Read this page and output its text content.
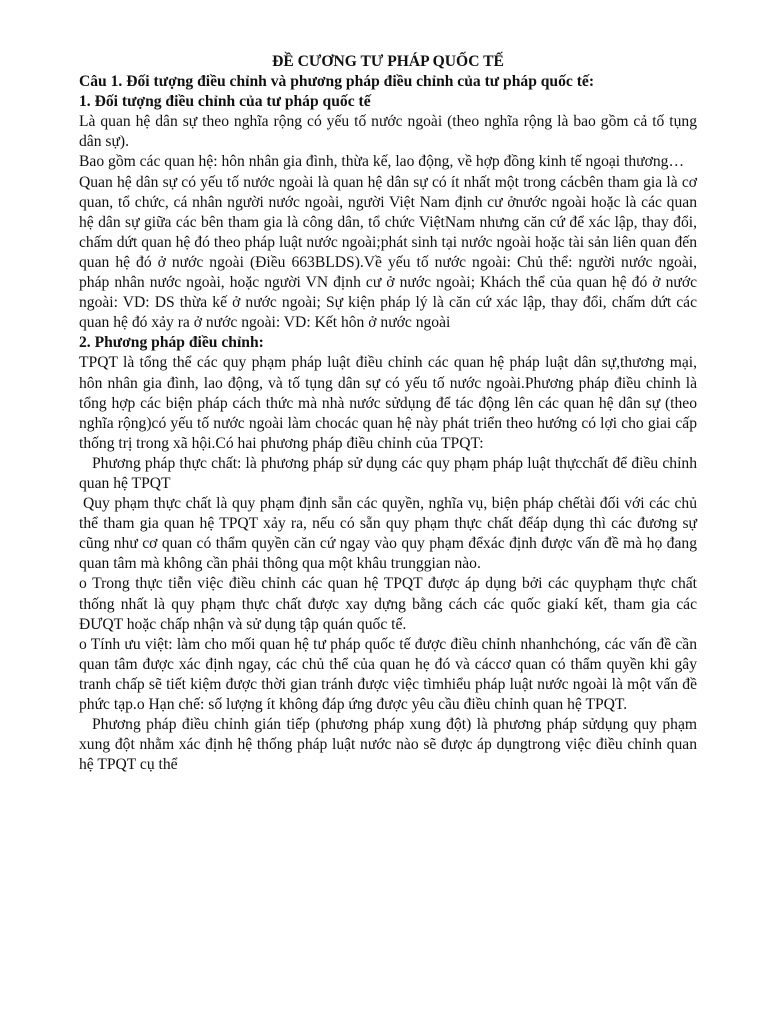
ĐỀ CƯƠNG TƯ PHÁP QUỐC TẾ

Câu 1. Đối tượng điều chỉnh và phương pháp điều chỉnh của tư pháp quốc tế:

1. Đối tượng điều chỉnh của tư pháp quốc tế

Là quan hệ dân sự theo nghĩa rộng có yếu tố nước ngoài (theo nghĩa rộng là bao gồm cả tố tụng dân sự).

Bao gồm các quan hệ: hôn nhân gia đình, thừa kế, lao động, về hợp đồng kinh tế ngoại thương…

Quan hệ dân sự có yếu tố nước ngoài là quan hệ dân sự có ít nhất một trong cácbên tham gia là cơ quan, tổ chức, cá nhân người nước ngoài, người Việt Nam định cư ởnước ngoài hoặc là các quan hệ dân sự giữa các bên tham gia là công dân, tổ chức ViệtNam nhưng căn cứ để xác lập, thay đổi, chấm dứt quan hệ đó theo pháp luật nước ngoài;phát sinh tại nước ngoài hoặc tài sản liên quan đến quan hệ đó ở nước ngoài (Điều 663BLDS).Về yếu tố nước ngoài: Chủ thể: người nước ngoài, pháp nhân nước ngoài, hoặc người VN định cư ở nước ngoài; Khách thể của quan hệ đó ở nước ngoài: VD: DS thừa kế ở nước ngoài; Sự kiện pháp lý là căn cứ xác lập, thay đổi, chấm dứt các quan hệ đó xảy ra ở nước ngoài: VD: Kết hôn ở nước ngoài

2. Phương pháp điều chỉnh:

TPQT là tổng thể các quy phạm pháp luật điều chỉnh các quan hệ pháp luật dân sự,thương mại, hôn nhân gia đình, lao động, và tố tụng dân sự có yếu tố nước ngoài.Phương pháp điều chỉnh là tổng hợp các biện pháp cách thức mà nhà nước sửdụng để tác động lên các quan hệ dân sự (theo nghĩa rộng)có yếu tố nước ngoài làm chocác quan hệ này phát triển theo hướng có lợi cho giai cấp thống trị trong xã hội.Có hai phương pháp điều chỉnh của TPQT:

Phương pháp thực chất: là phương pháp sử dụng các quy phạm pháp luật thựcchất để điều chỉnh quan hệ TPQT

Quy phạm thực chất là quy phạm định sẵn các quyền, nghĩa vụ, biện pháp chếtài đối với các chủ thể tham gia quan hệ TPQT xảy ra, nếu có sẵn quy phạm thực chất đểáp dụng thì các đương sự cũng như cơ quan có thẩm quyền căn cứ ngay vào quy phạm đểxác định được vấn đề mà họ đang quan tâm mà không cần phải thông qua một khâu trunggian nào.

o Trong thực tiễn việc điều chỉnh các quan hệ TPQT được áp dụng bởi các quyphạm thực chất thống nhất là quy phạm thực chất được xay dựng bằng cách các quốc giakí kết, tham gia các ĐƯQT hoặc chấp nhận và sử dụng tập quán quốc tế.

o Tính ưu việt: làm cho mối quan hệ tư pháp quốc tế được điều chỉnh nhanhchóng, các vấn đề cần quan tâm được xác định ngay, các chủ thể của quan hẹ đó và cáccơ quan có thẩm quyền khi gây tranh chấp sẽ tiết kiệm được thời gian tránh được việc tìmhiểu pháp luật nước ngoài là một vấn đề phức tạp.o Hạn chế: số lượng ít không đáp ứng được yêu cầu điều chỉnh quan hệ TPQT.

Phương pháp điều chỉnh gián tiếp (phương pháp xung đột) là phương pháp sửdụng quy phạm xung đột nhằm xác định hệ thống pháp luật nước nào sẽ được áp dụngtrong việc điều chỉnh quan hệ TPQT cụ thể
